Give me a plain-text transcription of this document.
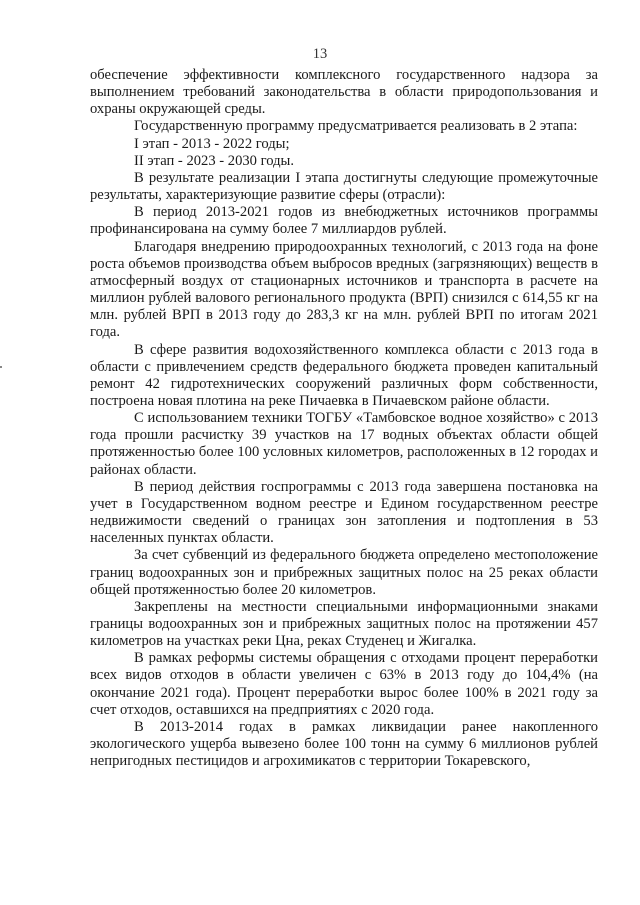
13

обеспечение эффективности комплексного государственного надзора за выполнением требований законодательства в области природопользования и охраны окружающей среды.

Государственную программу предусматривается реализовать в 2 этапа:

I этап - 2013 - 2022 годы;

II этап - 2023 - 2030 годы.

В результате реализации I этапа достигнуты следующие промежуточные результаты, характеризующие развитие сферы (отрасли):

В период 2013-2021 годов из внебюджетных источников программы профинансирована на сумму более 7 миллиардов рублей.

Благодаря внедрению природоохранных технологий, с 2013 года на фоне роста объемов производства объем выбросов вредных (загрязняющих) веществ в атмосферный воздух от стационарных источников и транспорта в расчете на миллион рублей валового регионального продукта (ВРП) снизился с 614,55 кг на млн. рублей ВРП в 2013 году до 283,3 кг на млн. рублей ВРП по итогам 2021 года.

В сфере развития водохозяйственного комплекса области с 2013 года в области с привлечением средств федерального бюджета проведен капитальный ремонт 42 гидротехнических сооружений различных форм собственности, построена новая плотина на реке Пичаевка в Пичаевском районе области.

С использованием техники ТОГБУ «Тамбовское водное хозяйство» с 2013 года прошли расчистку 39 участков на 17 водных объектах области общей протяженностью более 100 условных километров, расположенных в 12 городах и районах области.

В период действия госпрограммы с 2013 года завершена постановка на учет в Государственном водном реестре и Едином государственном реестре недвижимости сведений о границах зон затопления и подтопления в 53 населенных пунктах области.

За счет субвенций из федерального бюджета определено местоположение границ водоохранных зон и прибрежных защитных полос на 25 реках области общей протяженностью более 20 километров.

Закреплены на местности специальными информационными знаками границы водоохранных зон и прибрежных защитных полос на протяжении 457 километров на участках реки Цна, реках Студенец и Жигалка.

В рамках реформы системы обращения с отходами процент переработки всех видов отходов в области увеличен с 63% в 2013 году до 104,4% (на окончание 2021 года). Процент переработки вырос более 100% в 2021 году за счет отходов, оставшихся на предприятиях с 2020 года.

В 2013-2014 годах в рамках ликвидации ранее накопленного экологического ущерба вывезено более 100 тонн на сумму 6 миллионов рублей непригодных пестицидов и агрохимикатов с территории Токаревского,
